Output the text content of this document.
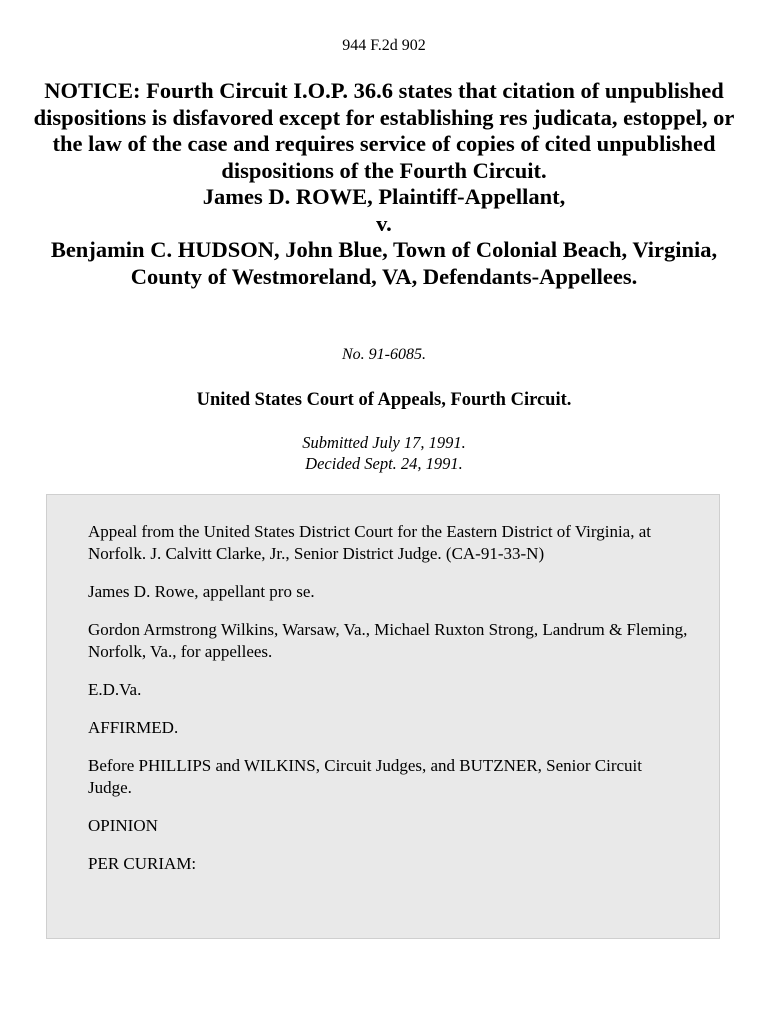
944 F.2d 902
NOTICE: Fourth Circuit I.O.P. 36.6 states that citation of unpublished dispositions is disfavored except for establishing res judicata, estoppel, or the law of the case and requires service of copies of cited unpublished dispositions of the Fourth Circuit.
James D. ROWE, Plaintiff-Appellant,
v.
Benjamin C. HUDSON, John Blue, Town of Colonial Beach, Virginia, County of Westmoreland, VA, Defendants-Appellees.
No. 91-6085.
United States Court of Appeals, Fourth Circuit.
Submitted July 17, 1991.
Decided Sept. 24, 1991.

Appeal from the United States District Court for the Eastern District of Virginia, at Norfolk. J. Calvitt Clarke, Jr., Senior District Judge. (CA-91-33-N)

James D. Rowe, appellant pro se.

Gordon Armstrong Wilkins, Warsaw, Va., Michael Ruxton Strong, Landrum & Fleming, Norfolk, Va., for appellees.

E.D.Va.

AFFIRMED.

Before PHILLIPS and WILKINS, Circuit Judges, and BUTZNER, Senior Circuit Judge.

OPINION

PER CURIAM:
